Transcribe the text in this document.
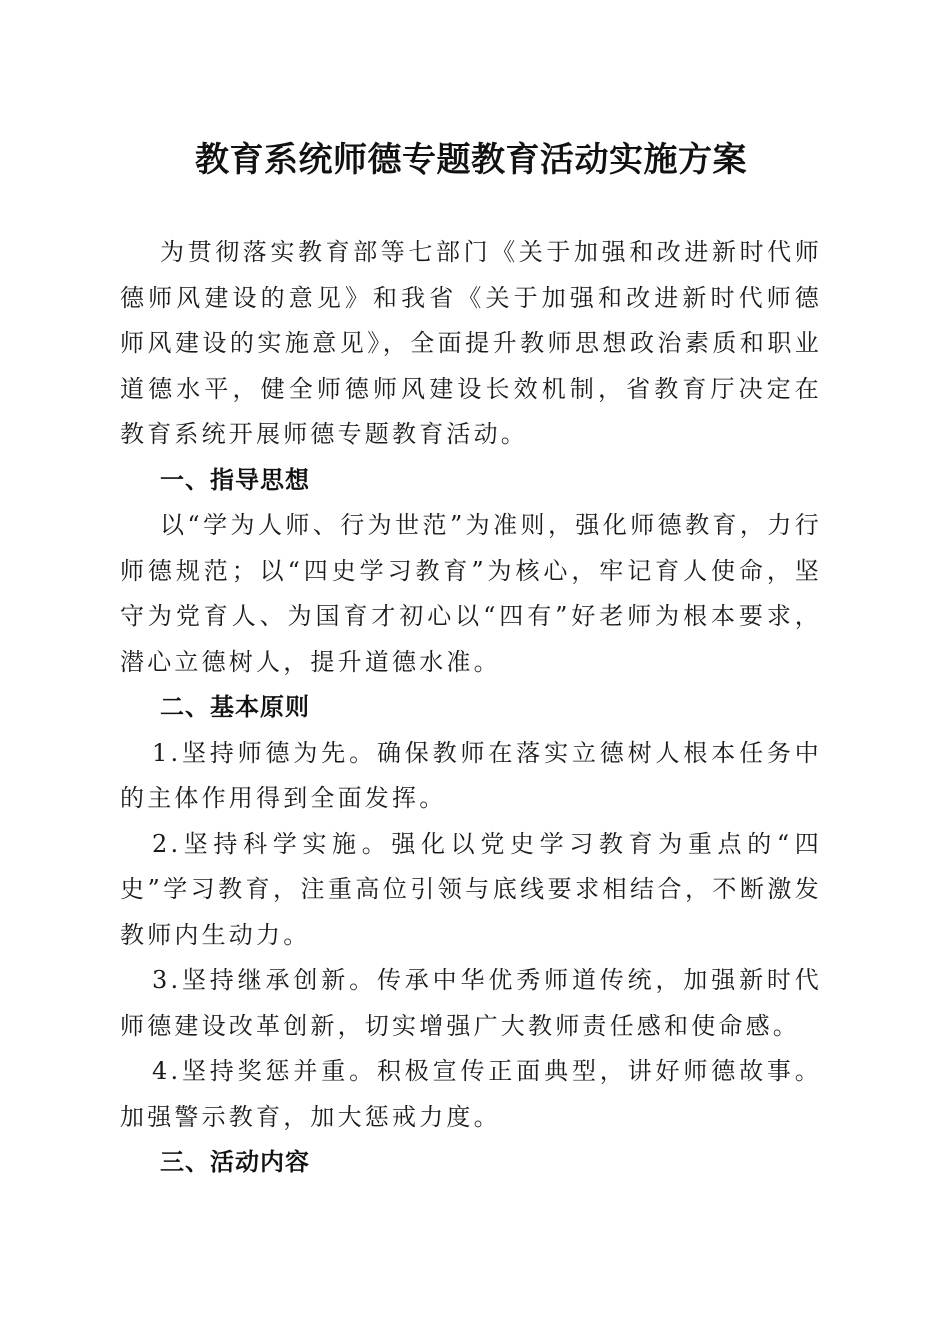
教育系统师德专题教育活动实施方案

为贯彻落实教育部等七部门《关于加强和改进新时代师德师风建设的意见》和我省《关于加强和改进新时代师德师风建设的实施意见》，全面提升教师思想政治素质和职业道德水平，健全师德师风建设长效机制，省教育厅决定在教育系统开展师德专题教育活动。

一、指导思想

以“学为人师、行为世范”为准则，强化师德教育，力行师德规范；以“四史学习教育”为核心，牢记育人使命，坚守为党育人、为国育才初心以“四有”好老师为根本要求，潜心立德树人，提升道德水准。

二、基本原则

1.坚持师德为先。确保教师在落实立德树人根本任务中的主体作用得到全面发挥。

2.坚持科学实施。强化以党史学习教育为重点的“四史”学习教育，注重高位引领与底线要求相结合，不断激发教师内生动力。

3.坚持继承创新。传承中华优秀师道传统，加强新时代师德建设改革创新，切实增强广大教师责任感和使命感。

4.坚持奖惩并重。积极宣传正面典型，讲好师德故事。加强警示教育，加大惩戒力度。

三、活动内容
